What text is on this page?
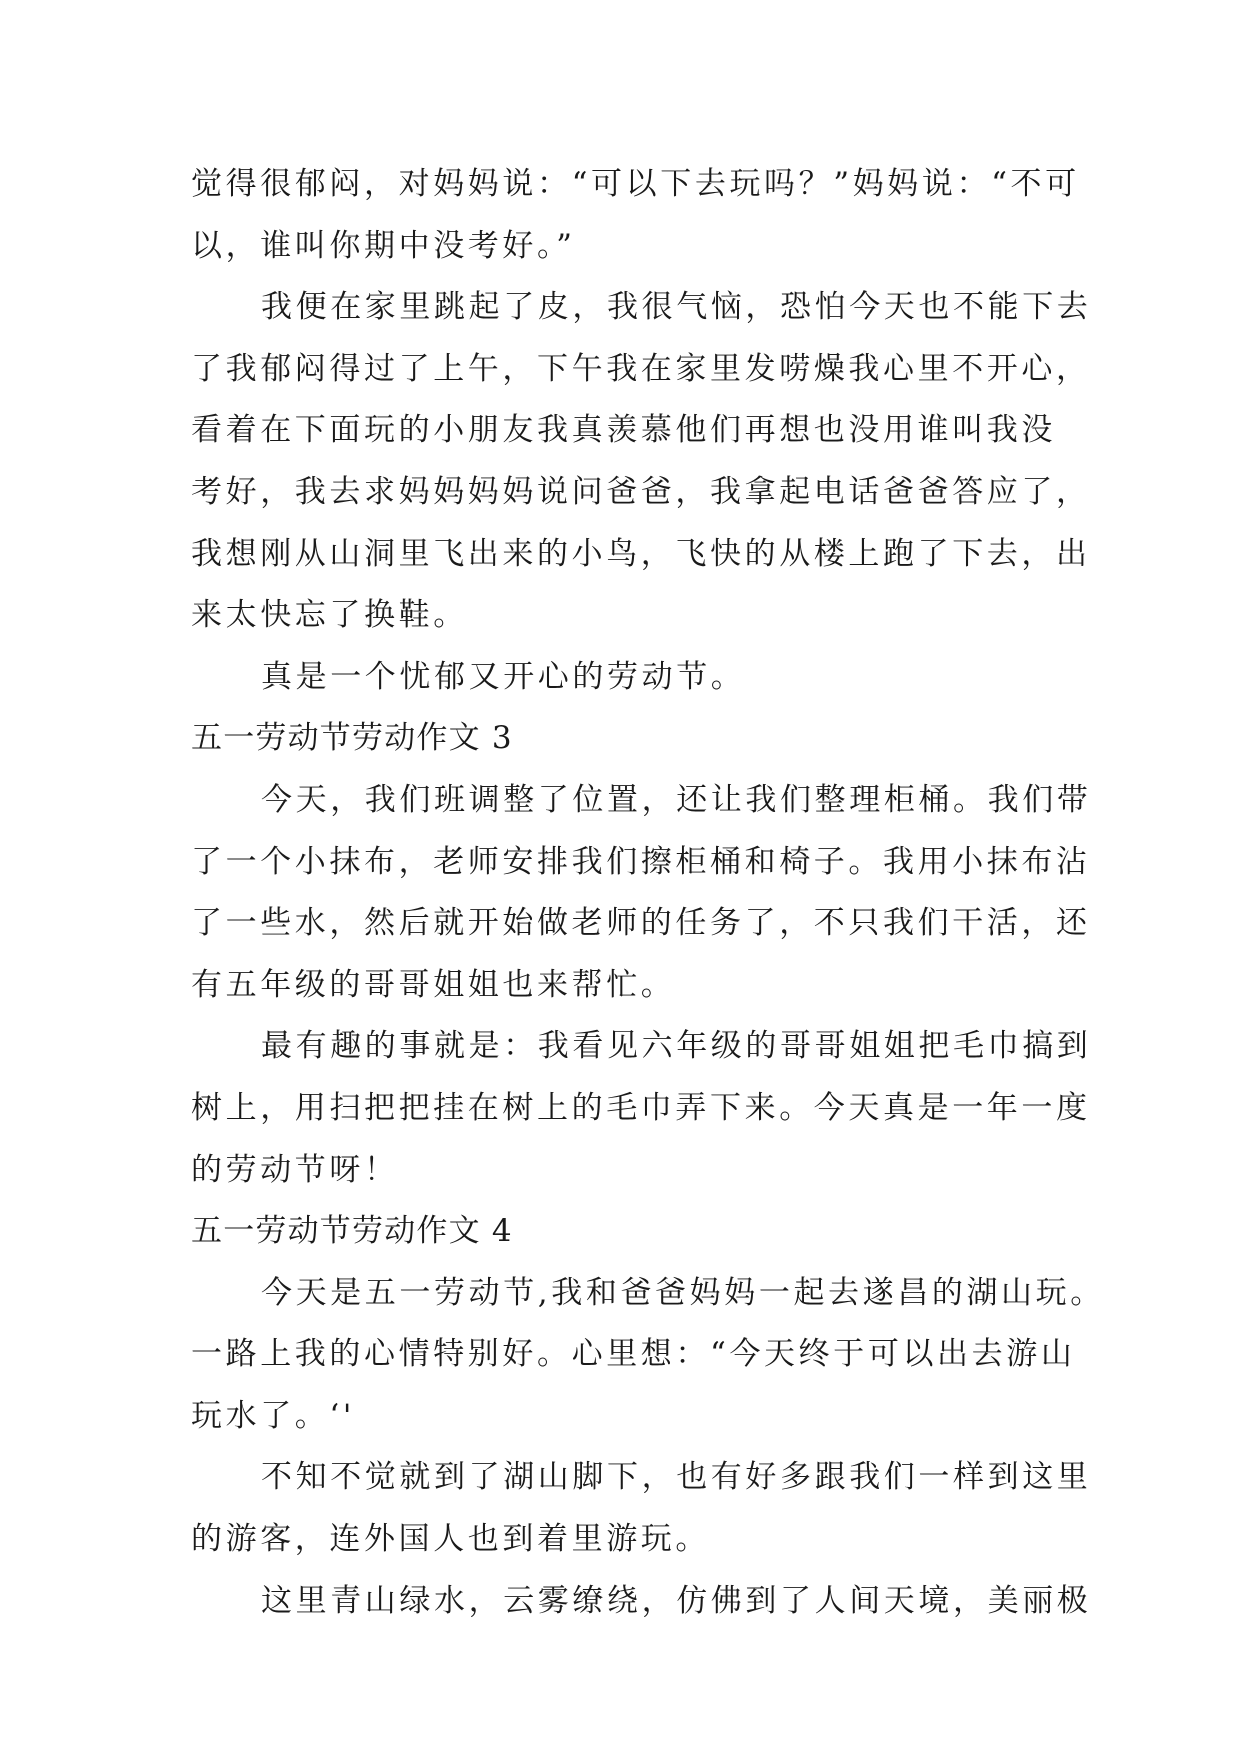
觉得很郁闷，对妈妈说：“可以下去玩吗？”妈妈说：“不可
以，谁叫你期中没考好。”
我便在家里跳起了皮，我很气恼，恐怕今天也不能下去
了我郁闷得过了上午，下午我在家里发唠燥我心里不开心，
看着在下面玩的小朋友我真羡慕他们再想也没用谁叫我没
考好，我去求妈妈妈妈说问爸爸，我拿起电话爸爸答应了，
我想刚从山洞里飞出来的小鸟，飞快的从楼上跑了下去，出
来太快忘了换鞋。
真是一个忧郁又开心的劳动节。
五一劳动节劳动作文 3
今天，我们班调整了位置，还让我们整理柜桶。我们带
了一个小抹布，老师安排我们擦柜桶和椅子。我用小抹布沾
了一些水，然后就开始做老师的任务了，不只我们干活，还
有五年级的哥哥姐姐也来帮忙。
最有趣的事就是：我看见六年级的哥哥姐姐把毛巾搞到
树上，用扫把把挂在树上的毛巾弄下来。今天真是一年一度
的劳动节呀！
五一劳动节劳动作文 4
今天是五一劳动节,我和爸爸妈妈一起去遂昌的湖山玩。
一路上我的心情特别好。心里想：“今天终于可以出去游山
玩水了。‘'
不知不觉就到了湖山脚下，也有好多跟我们一样到这里
的游客，连外国人也到着里游玩。
这里青山绿水，云雾缭绕，仿佛到了人间天境，美丽极
